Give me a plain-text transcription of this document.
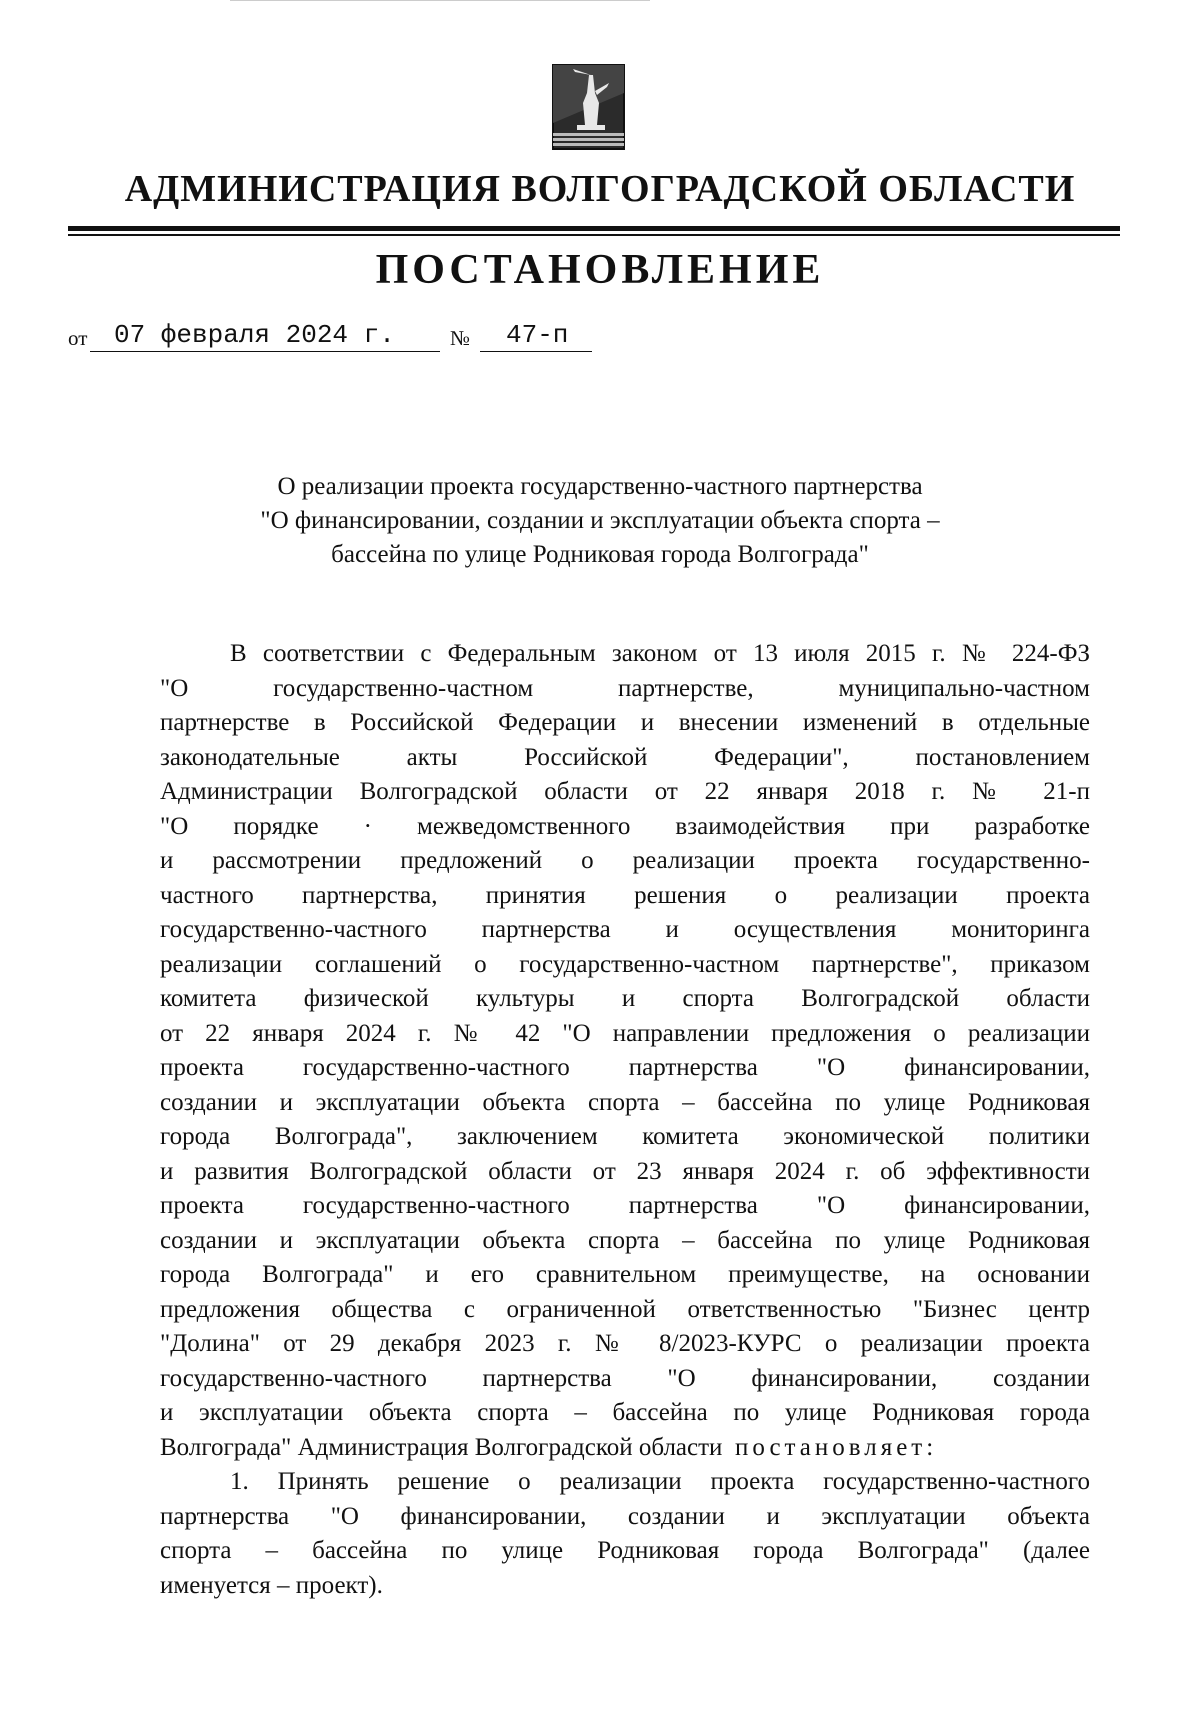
АДМИНИСТРАЦИЯ ВОЛГОГРАДСКОЙ ОБЛАСТИ
ПОСТАНОВЛЕНИЕ
от 07 февраля 2024 г.	№ 47-п
О реализации проекта государственно-частного партнерства
"О финансировании, создании и эксплуатации объекта спорта –
бассейна по улице Родниковая города Волгограда"
В соответствии с Федеральным законом от 13 июля 2015 г. № 224-ФЗ
"О государственно-частном партнерстве, муниципально-частном
партнерстве в Российской Федерации и внесении изменений в отдельные
законодательные акты Российской Федерации", постановлением
Администрации Волгоградской области от 22 января 2018 г. № 21-п
"О порядке · межведомственного взаимодействия при разработке
и рассмотрении предложений о реализации проекта государственно-
частного партнерства, принятия решения о реализации проекта
государственно-частного партнерства и осуществления мониторинга
реализации соглашений о государственно-частном партнерстве", приказом
комитета физической культуры и спорта Волгоградской области
от 22 января 2024 г. № 42 "О направлении предложения о реализации
проекта государственно-частного партнерства "О финансировании,
создании и эксплуатации объекта спорта – бассейна по улице Родниковая
города Волгограда", заключением комитета экономической политики
и развития Волгоградской области от 23 января 2024 г. об эффективности
проекта государственно-частного партнерства "О финансировании,
создании и эксплуатации объекта спорта – бассейна по улице Родниковая
города Волгограда" и его сравнительном преимуществе, на основании
предложения общества с ограниченной ответственностью "Бизнес центр
"Долина" от 29 декабря 2023 г. № 8/2023-КУРС о реализации проекта
государственно-частного партнерства "О финансировании, создании
и эксплуатации объекта спорта – бассейна по улице Родниковая города
Волгограда" Администрация Волгоградской области постановляет:
1. Принять решение о реализации проекта государственно-частного
партнерства "О финансировании, создании и эксплуатации объекта
спорта – бассейна по улице Родниковая города Волгограда" (далее
именуется – проект).
